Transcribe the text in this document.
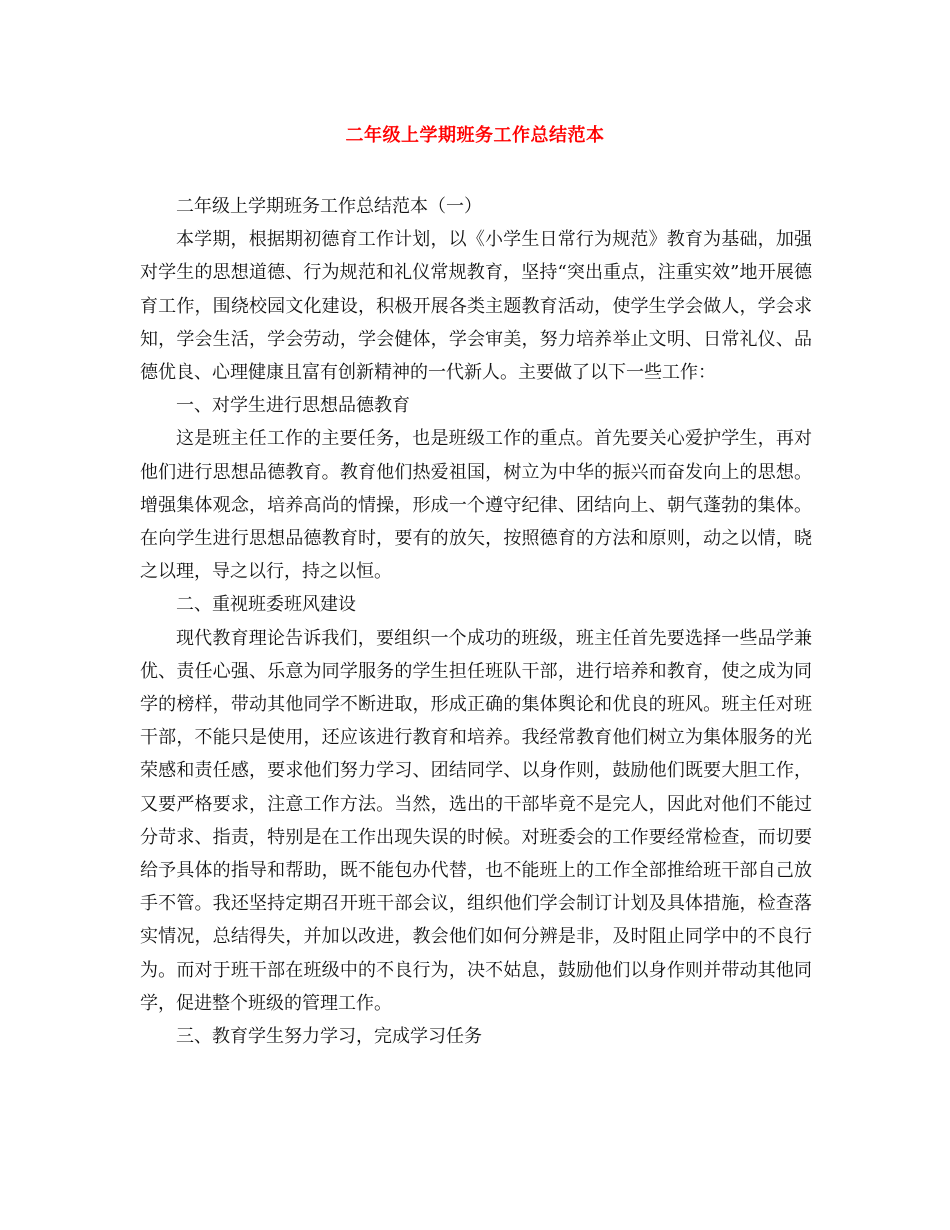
二年级上学期班务工作总结范本

二年级上学期班务工作总结范本（一）

本学期，根据期初德育工作计划，以《小学生日常行为规范》教育为基础，加强对学生的思想道德、行为规范和礼仪常规教育，坚持“突出重点，注重实效”地开展德育工作，围绕校园文化建设，积极开展各类主题教育活动，使学生学会做人，学会求知，学会生活，学会劳动，学会健体，学会审美，努力培养举止文明、日常礼仪、品德优良、心理健康且富有创新精神的一代新人。主要做了以下一些工作：

一、对学生进行思想品德教育

这是班主任工作的主要任务，也是班级工作的重点。首先要关心爱护学生，再对他们进行思想品德教育。教育他们热爱祖国，树立为中华的振兴而奋发向上的思想。增强集体观念，培养高尚的情操，形成一个遵守纪律、团结向上、朝气蓬勃的集体。在向学生进行思想品德教育时，要有的放矢，按照德育的方法和原则，动之以情，晓之以理，导之以行，持之以恒。

二、重视班委班风建设

现代教育理论告诉我们，要组织一个成功的班级，班主任首先要选择一些品学兼优、责任心强、乐意为同学服务的学生担任班队干部，进行培养和教育，使之成为同学的榜样，带动其他同学不断进取，形成正确的集体舆论和优良的班风。班主任对班干部，不能只是使用，还应该进行教育和培养。我经常教育他们树立为集体服务的光荣感和责任感，要求他们努力学习、团结同学、以身作则，鼓励他们既要大胆工作，又要严格要求，注意工作方法。当然，选出的干部毕竟不是完人，因此对他们不能过分苛求、指责，特别是在工作出现失误的时候。对班委会的工作要经常检查，而切要给予具体的指导和帮助，既不能包办代替，也不能班上的工作全部推给班干部自己放手不管。我还坚持定期召开班干部会议，组织他们学会制订计划及具体措施，检查落实情况，总结得失，并加以改进，教会他们如何分辨是非，及时阻止同学中的不良行为。而对于班干部在班级中的不良行为，决不姑息，鼓励他们以身作则并带动其他同学，促进整个班级的管理工作。

三、教育学生努力学习，完成学习任务
